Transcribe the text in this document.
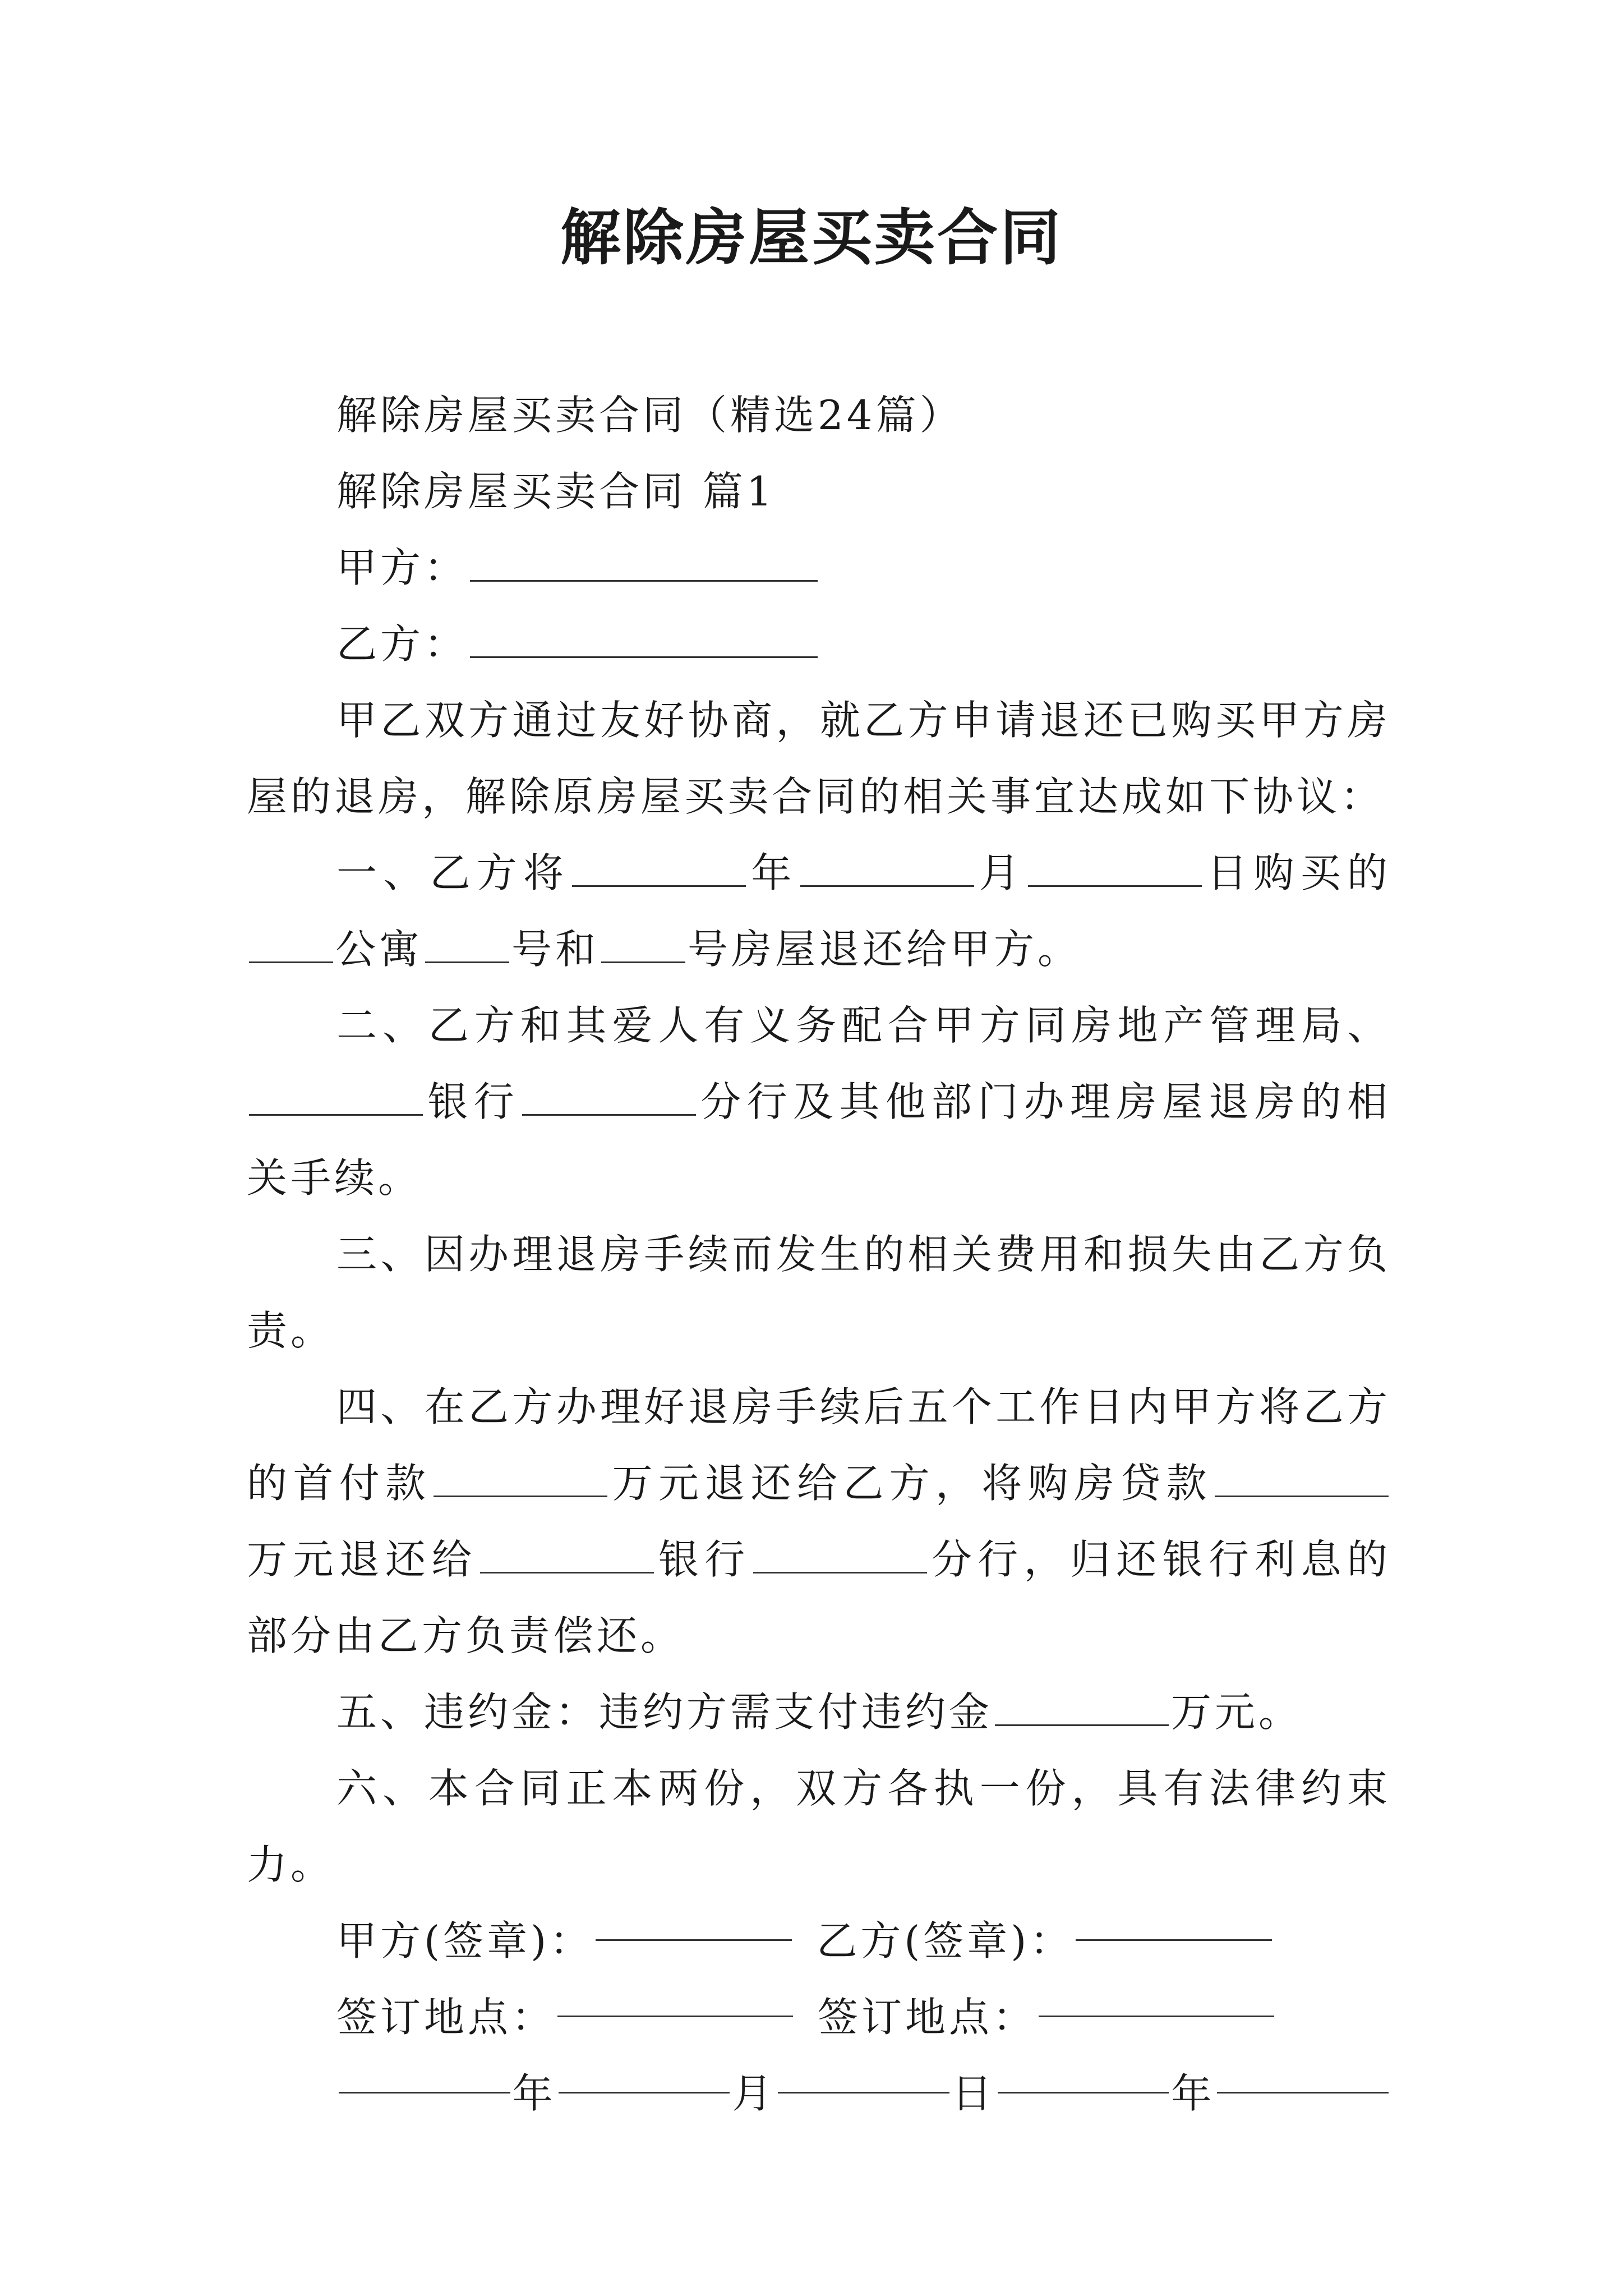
解除房屋买卖合同

解除房屋买卖合同（精选24篇）

解除房屋买卖合同 篇1

甲方：

乙方：

甲乙双方通过友好协商，就乙方申请退还已购买甲方房屋的退房，解除原房屋买卖合同的相关事宜达成如下协议：

一、乙方将	年	月	日购买的公寓 号和 号房屋退还给甲方。

二、乙方和其爱人有义务配合甲方同房地产管理局、银行	分行及其他部门办理房屋退房的相关手续。

三、因办理退房手续而发生的相关费用和损失由乙方负责。

四、在乙方办理好退房手续后五个工作日内甲方将乙方的首付款	万元退还给乙方，将购房贷款万元退还给	银行	分行，归还银行利息的部分由乙方负责偿还。

五、违约金：违约方需支付违约金	万元。

六、本合同正本两份，双方各执一份，具有法律约束力。

甲方(签章)：	乙方(签章)：
签订地点：	签订地点：
年	月	日	年
